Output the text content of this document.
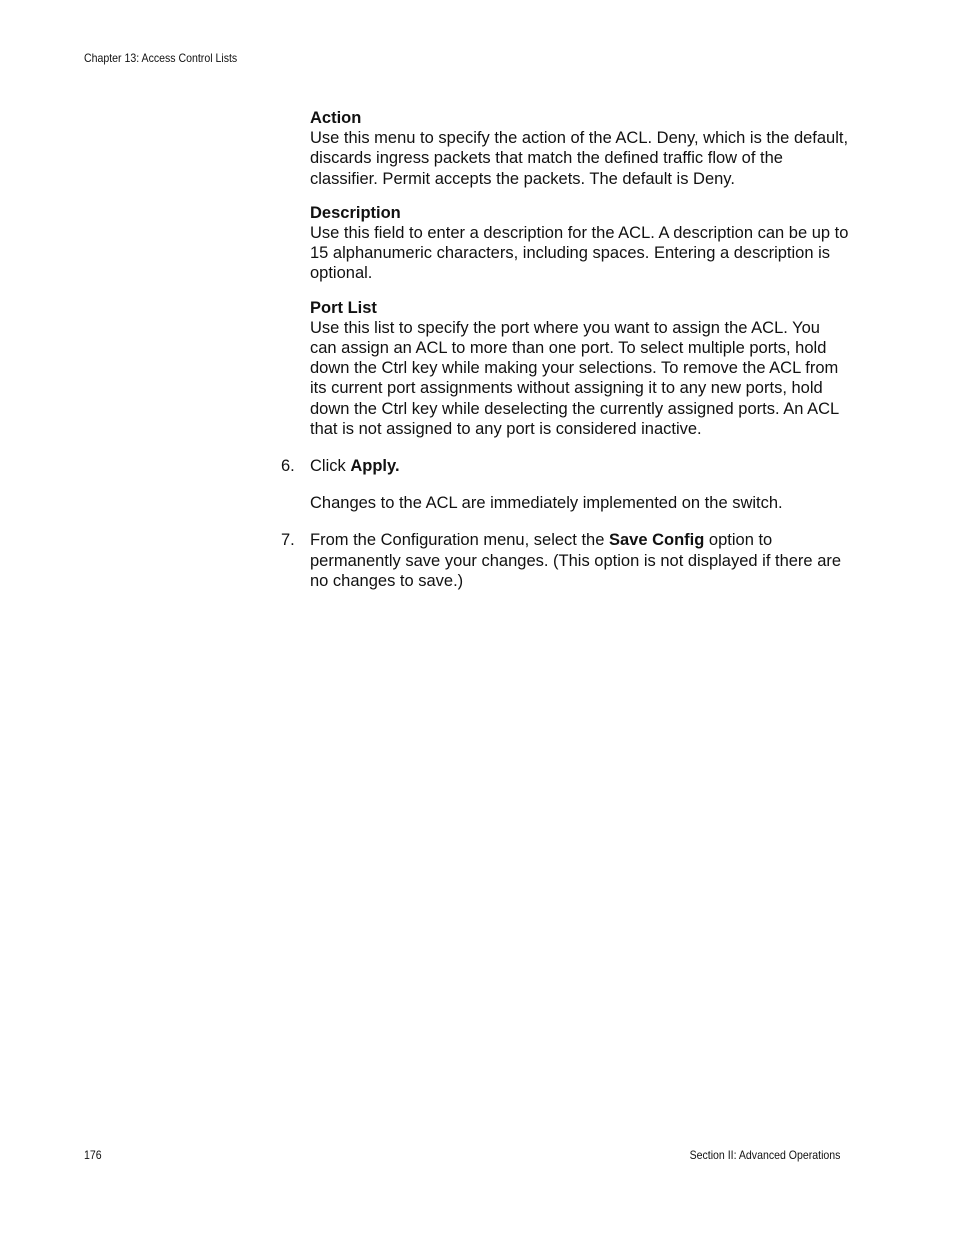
Chapter 13: Access Control Lists
Action
Use this menu to specify the action of the ACL. Deny, which is the default, discards ingress packets that match the defined traffic flow of the classifier. Permit accepts the packets. The default is Deny.
Description
Use this field to enter a description for the ACL. A description can be up to 15 alphanumeric characters, including spaces. Entering a description is optional.
Port List
Use this list to specify the port where you want to assign the ACL. You can assign an ACL to more than one port. To select multiple ports, hold down the Ctrl key while making your selections. To remove the ACL from its current port assignments without assigning it to any new ports, hold down the Ctrl key while deselecting the currently assigned ports. An ACL that is not assigned to any port is considered inactive.
6. Click Apply.

Changes to the ACL are immediately implemented on the switch.

7. From the Configuration menu, select the Save Config option to permanently save your changes. (This option is not displayed if there are no changes to save.)
176	Section II: Advanced Operations
